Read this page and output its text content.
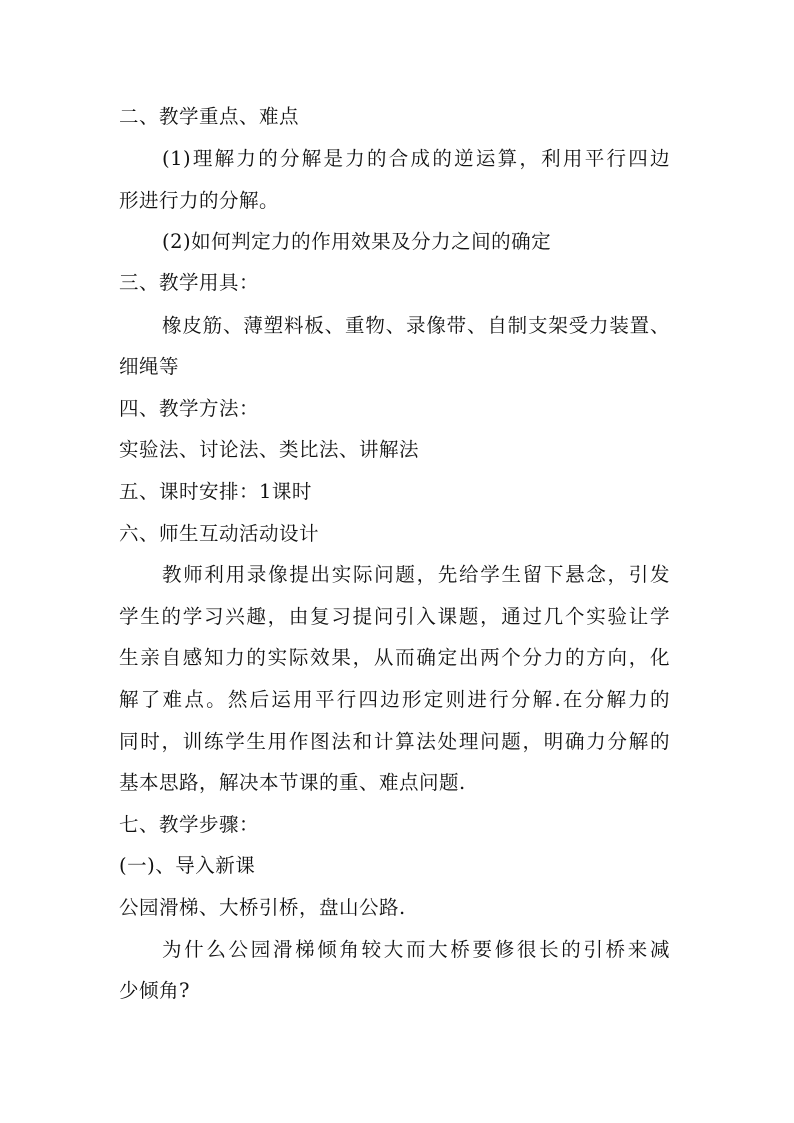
二、教学重点、难点
(1)理解力的分解是力的合成的逆运算，利用平行四边
形进行力的分解。
(2)如何判定力的作用效果及分力之间的确定
三、教学用具：
橡皮筋、薄塑料板、重物、录像带、自制支架受力装置、
细绳等
四、教学方法：
实验法、讨论法、类比法、讲解法
五、课时安排：1课时
六、师生互动活动设计
教师利用录像提出实际问题，先给学生留下悬念，引发
学生的学习兴趣，由复习提问引入课题，通过几个实验让学
生亲自感知力的实际效果，从而确定出两个分力的方向，化
解了难点。然后运用平行四边形定则进行分解.在分解力的
同时，训练学生用作图法和计算法处理问题，明确力分解的
基本思路，解决本节课的重、难点问题.
七、教学步骤：
(一)、导入新课
公园滑梯、大桥引桥，盘山公路.
为什么公园滑梯倾角较大而大桥要修很长的引桥来减
少倾角?
